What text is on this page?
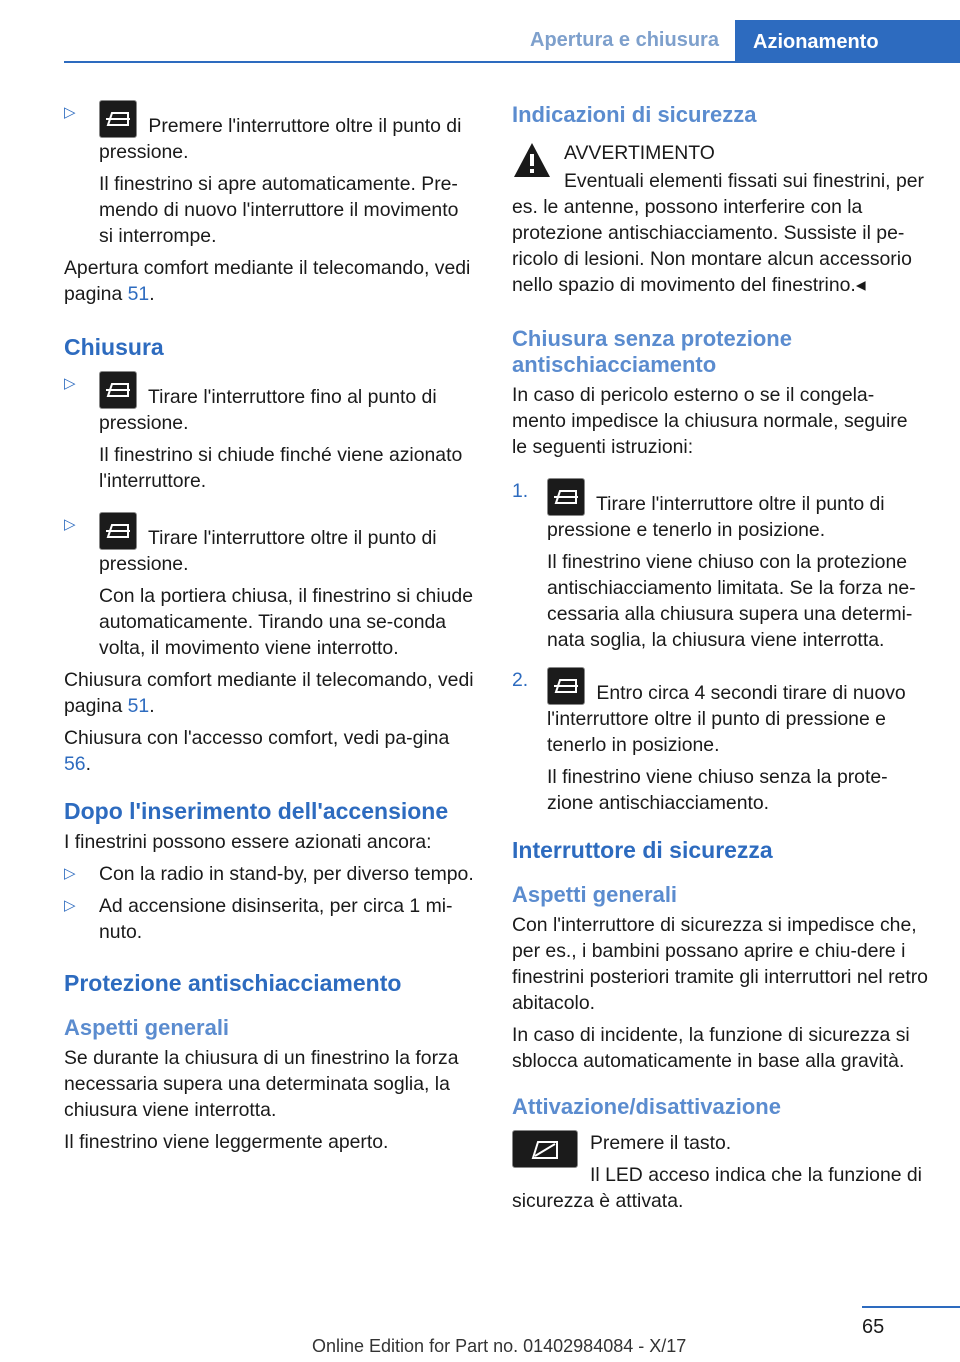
Apertura e chiusura	Azionamento
▷
Premere l'interruttore oltre il punto di pressione.

Il finestrino si apre automaticamente. Pre-mendo di nuovo l'interruttore il movimento si interrompe.

Apertura comfort mediante il telecomando, vedi pagina 51.

Chiusura
▷
Tirare l'interruttore fino al punto di pressione.

Il finestrino si chiude finché viene azionato l'interruttore.

▷
Tirare l'interruttore oltre il punto di pressione.

Con la portiera chiusa, il finestrino si chiude automaticamente. Tirando una se-conda volta, il movimento viene interrotto.

Chiusura comfort mediante il telecomando, vedi pagina 51.

Chiusura con l'accesso comfort, vedi pa-gina 56.

Dopo l'inserimento dell'accensione

I finestrini possono essere azionati ancora:

▷ Con la radio in stand-by, per diverso tempo.
▷ Ad accensione disinserita, per circa 1 mi-nuto.
Protezione antischiacciamento
Aspetti generali

Se durante la chiusura di un finestrino la forza necessaria supera una determinata soglia, la chiusura viene interrotta.

Il finestrino viene leggermente aperto.

Indicazioni di sicurezza

AVVERTIMENTO

Eventuali elementi fissati sui finestrini, per es. le antenne, possono interferire con la protezione antischiacciamento. Sussiste il pe-ricolo di lesioni. Non montare alcun accessorio nello spazio di movimento del finestrino.◂

Chiusura senza protezione antischiacciamento

In caso di pericolo esterno o se il congela-mento impedisce la chiusura normale, seguire le seguenti istruzioni:

1.
Tirare l'interruttore oltre il punto di pressione e tenerlo in posizione.

Il finestrino viene chiuso con la protezione antischiacciamento limitata. Se la forza ne-cessaria alla chiusura supera una determi-nata soglia, la chiusura viene interrotta.

2.
Entro circa 4 secondi tirare di nuovo l'interruttore oltre il punto di pressione e tenerlo in posizione.

Il finestrino viene chiuso senza la prote-zione antischiacciamento.

Interruttore di sicurezza
Aspetti generali

Con l'interruttore di sicurezza si impedisce che, per es., i bambini possano aprire e chiu-dere i finestrini posteriori tramite gli interruttori nel retro abitacolo.

In caso di incidente, la funzione di sicurezza si sblocca automaticamente in base alla gravità.

Attivazione/disattivazione

Premere il tasto.

Il LED acceso indica che la funzione di sicurezza è attivata.

65
Online Edition for Part no. 01402984084 - X/17
